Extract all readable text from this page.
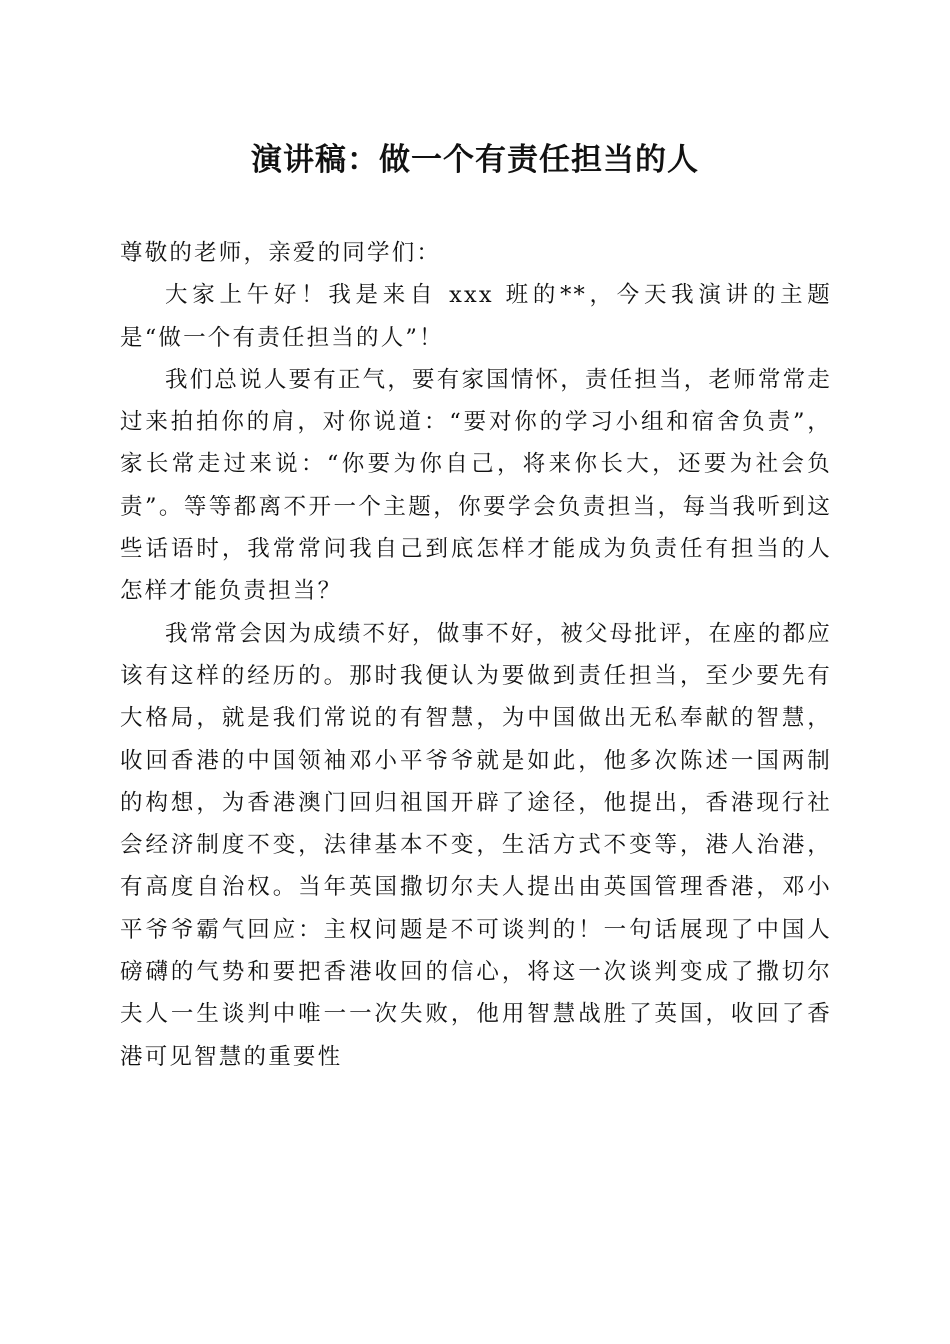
演讲稿：做一个有责任担当的人

尊敬的老师，亲爱的同学们：

大家上午好！我是来自 xxx 班的**，今天我演讲的主题是“做一个有责任担当的人”！

我们总说人要有正气，要有家国情怀，责任担当，老师常常走过来拍拍你的肩，对你说道：“要对你的学习小组和宿舍负责”，家长常走过来说：“你要为你自己，将来你长大，还要为社会负责”。等等都离不开一个主题，你要学会负责担当，每当我听到这些话语时，我常常问我自己到底怎样才能成为负责任有担当的人怎样才能负责担当？

我常常会因为成绩不好，做事不好，被父母批评，在座的都应该有这样的经历的。那时我便认为要做到责任担当，至少要先有大格局，就是我们常说的有智慧，为中国做出无私奉献的智慧，收回香港的中国领袖邓小平爷爷就是如此，他多次陈述一国两制的构想，为香港澳门回归祖国开辟了途径，他提出，香港现行社会经济制度不变，法律基本不变，生活方式不变等，港人治港，有高度自治权。当年英国撒切尔夫人提出由英国管理香港，邓小平爷爷霸气回应：主权问题是不可谈判的！一句话展现了中国人磅礴的气势和要把香港收回的信心，将这一次谈判变成了撒切尔夫人一生谈判中唯一一次失败，他用智慧战胜了英国，收回了香港可见智慧的重要性
